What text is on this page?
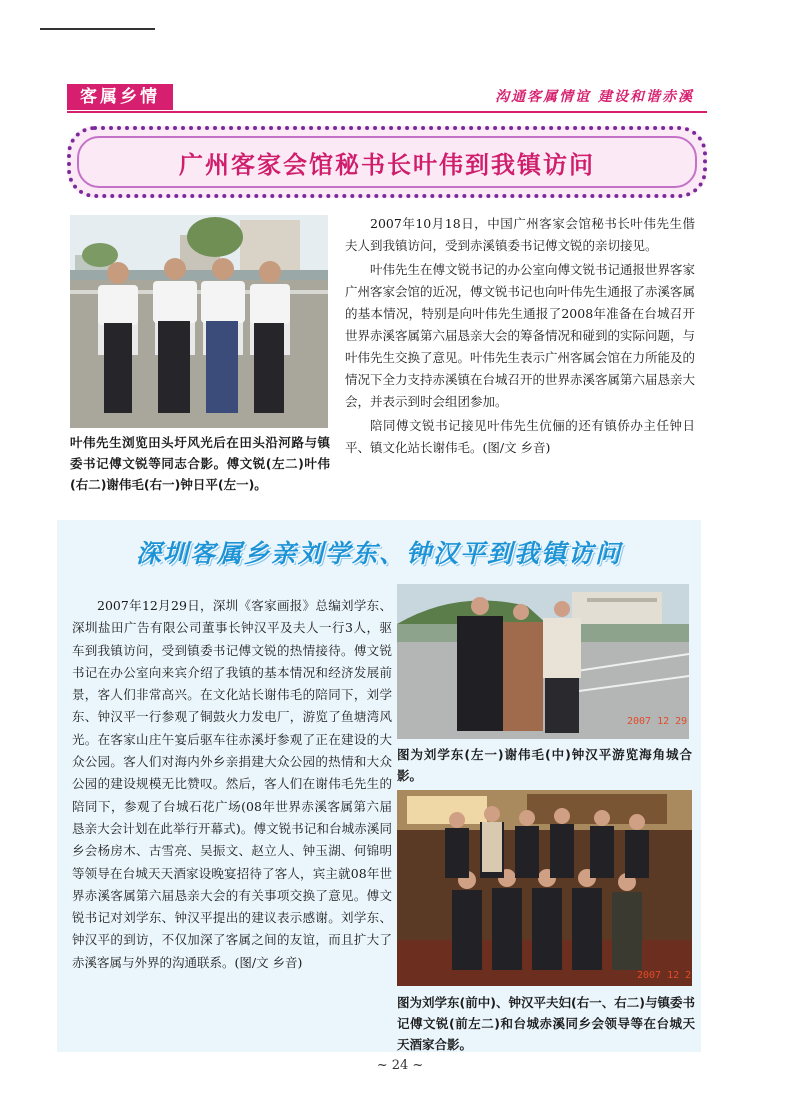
客属乡情	沟通客属情谊 建设和谐赤溪
广州客家会馆秘书长叶伟到我镇访问
叶伟先生浏览田头圩风光后在田头沿河路与镇委书记傅文锐等同志合影。傅文锐(左二)叶伟(右二)谢伟毛(右一)钟日平(左一)。

2007年10月18日，中国广州客家会馆秘书长叶伟先生偕夫人到我镇访问，受到赤溪镇委书记傅文锐的亲切接见。

叶伟先生在傅文锐书记的办公室向傅文锐书记通报世界客家广州客家会馆的近况，傅文锐书记也向叶伟先生通报了赤溪客属的基本情况，特别是向叶伟先生通报了2008年准备在台城召开世界赤溪客属第六届恳亲大会的筹备情况和碰到的实际问题，与叶伟先生交换了意见。叶伟先生表示广州客属会馆在力所能及的情况下全力支持赤溪镇在台城召开的世界赤溪客属第六届恳亲大会，并表示到时会组团参加。

陪同傅文锐书记接见叶伟先生伉俪的还有镇侨办主任钟日平、镇文化站长谢伟毛。(图/文 乡音)

深圳客属乡亲刘学东、钟汉平到我镇访问

2007年12月29日，深圳《客家画报》总编刘学东、深圳盐田广告有限公司董事长钟汉平及夫人一行3人，驱车到我镇访问，受到镇委书记傅文锐的热情接待。傅文锐书记在办公室向来宾介绍了我镇的基本情况和经济发展前景，客人们非常高兴。在文化站长谢伟毛的陪同下，刘学东、钟汉平一行参观了铜鼓火力发电厂，游览了鱼塘湾风光。在客家山庄午宴后驱车往赤溪圩参观了正在建设的大众公园。客人们对海内外乡亲捐建大众公园的热情和大众公园的建设规模无比赞叹。然后，客人们在谢伟毛先生的陪同下，参观了台城石花广场(08年世界赤溪客属第六届恳亲大会计划在此举行开幕式)。傅文锐书记和台城赤溪同乡会杨房木、古雪亮、吴振文、赵立人、钟玉湖、何锦明等领导在台城天天酒家设晚宴招待了客人，宾主就08年世界赤溪客属第六届恳亲大会的有关事项交换了意见。傅文锐书记对刘学东、钟汉平提出的建议表示感谢。刘学东、钟汉平的到访，不仅加深了客属之间的友谊，而且扩大了赤溪客属与外界的沟通联系。(图/文 乡音)

2007 12 29
图为刘学东(左一)谢伟毛(中)钟汉平游览海角城合影。
2007 12 2
图为刘学东(前中)、钟汉平夫妇(右一、右二)与镇委书记傅文锐(前左二)和台城赤溪同乡会领导等在台城天天酒家合影。
~ 24 ~
